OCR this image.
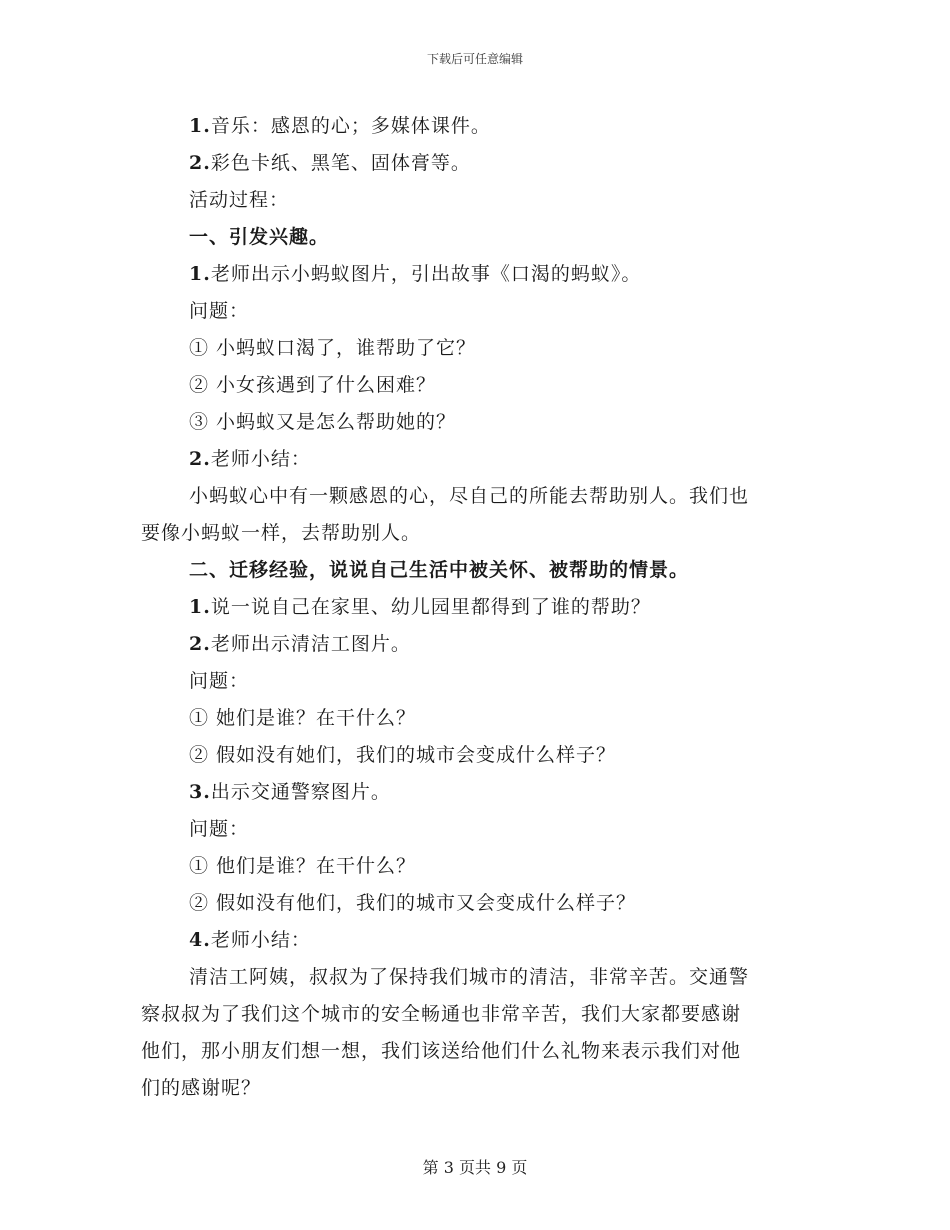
下载后可任意编辑
1.音乐：感恩的心；多媒体课件。
2.彩色卡纸、黑笔、固体膏等。
活动过程：
一、引发兴趣。
1.老师出示小蚂蚁图片，引出故事《口渴的蚂蚁》。
问题：
① 小蚂蚁口渴了，谁帮助了它？
② 小女孩遇到了什么困难？
③ 小蚂蚁又是怎么帮助她的？
2.老师小结：
小蚂蚁心中有一颗感恩的心，尽自己的所能去帮助别人。我们也
要像小蚂蚁一样，去帮助别人。
二、迁移经验，说说自己生活中被关怀、被帮助的情景。
1.说一说自己在家里、幼儿园里都得到了谁的帮助？
2.老师出示清洁工图片。
问题：
① 她们是谁？在干什么？
② 假如没有她们，我们的城市会变成什么样子？
3.出示交通警察图片。
问题：
① 他们是谁？在干什么？
② 假如没有他们，我们的城市又会变成什么样子？
4.老师小结：
清洁工阿姨，叔叔为了保持我们城市的清洁，非常辛苦。交通警
察叔叔为了我们这个城市的安全畅通也非常辛苦，我们大家都要感谢
他们，那小朋友们想一想，我们该送给他们什么礼物来表示我们对他
们的感谢呢？
第 3 页共 9 页
